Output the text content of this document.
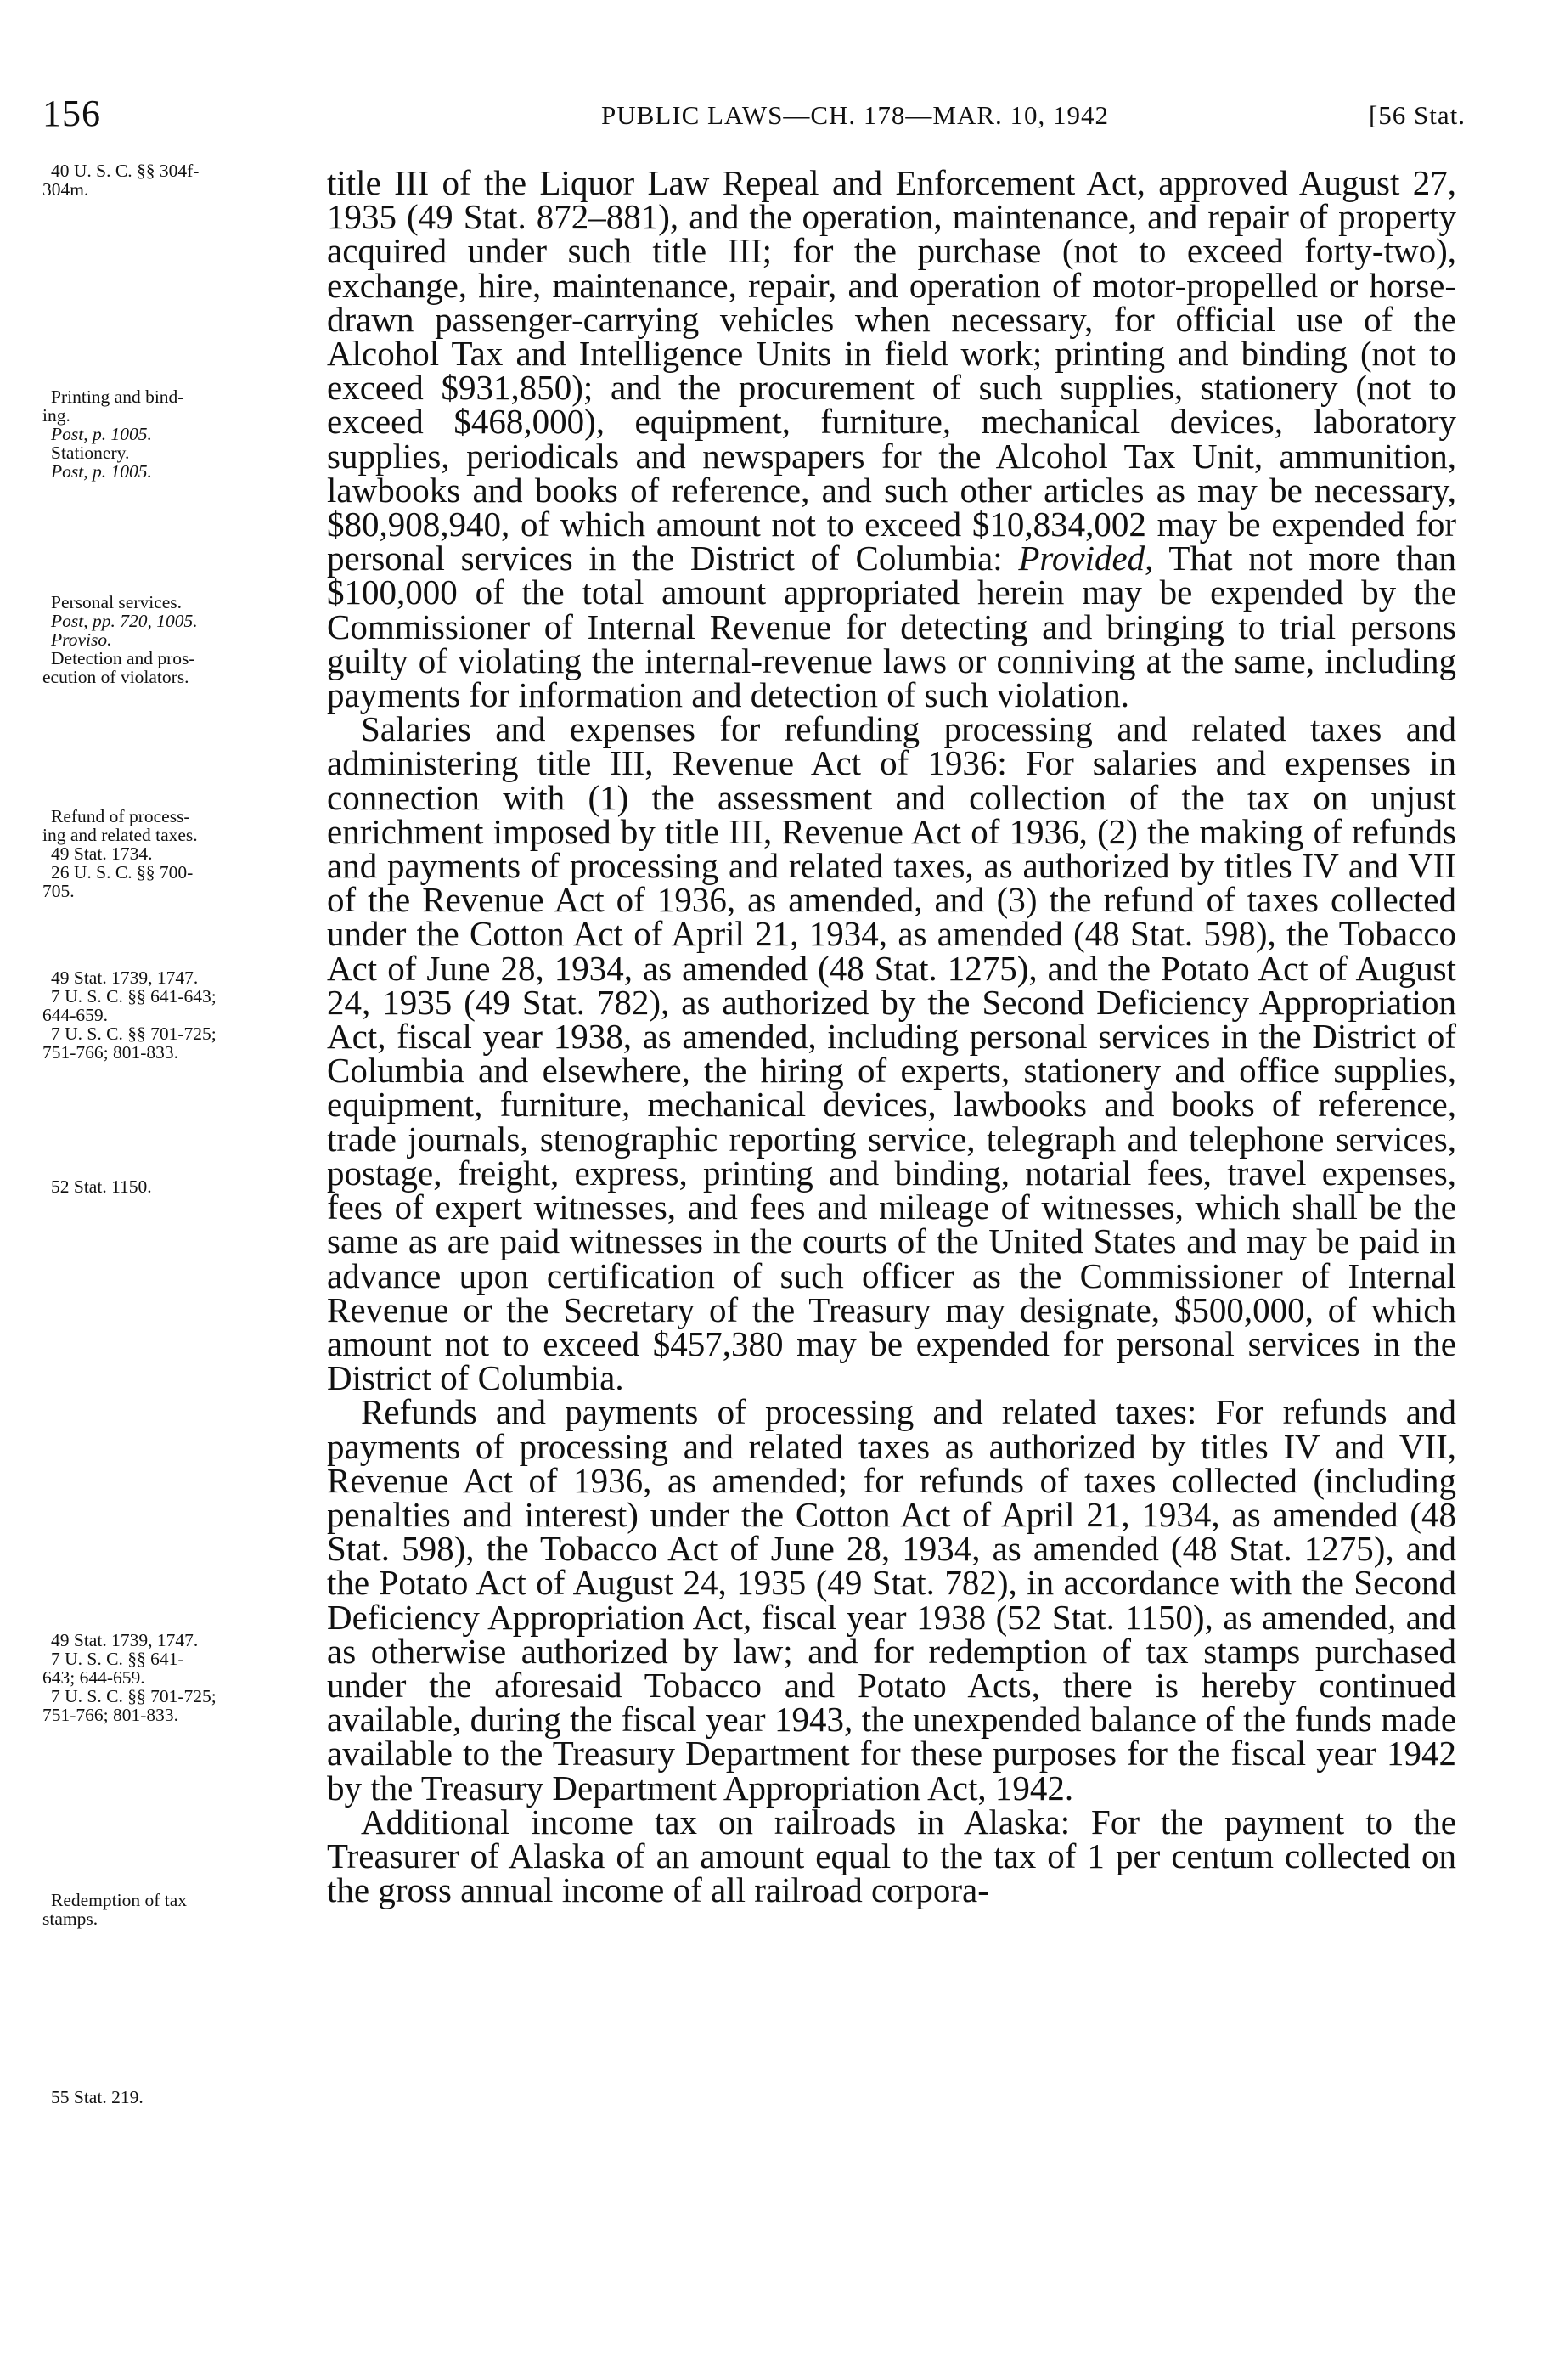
156	PUBLIC LAWS—CH. 178—MAR. 10, 1942	[56 Stat.
40 U. S. C. §§ 304f-
304m.
Printing and bind-
ing.
Post, p. 1005.
Stationery.
Post, p. 1005.
Personal services.
Post, pp. 720, 1005.
Proviso.
Detection and pros-
ecution of violators.
Refund of process-
ing and related taxes.
49 Stat. 1734.
26 U. S. C. §§ 700-
705.
49 Stat. 1739, 1747.
7 U. S. C. §§ 641-643;
644-659.
7 U. S. C. §§ 701-725;
751-766; 801-833.
52 Stat. 1150.
49 Stat. 1739, 1747.
7 U. S. C. §§ 641-
643; 644-659.
7 U. S. C. §§ 701-725;
751-766; 801-833.
Redemption of tax
stamps.
55 Stat. 219.

title III of the Liquor Law Repeal and Enforcement Act, approved August 27, 1935 (49 Stat. 872–881), and the operation, maintenance, and repair of property acquired under such title III; for the purchase (not to exceed forty-two), exchange, hire, maintenance, repair, and operation of motor-propelled or horse-drawn passenger-carrying vehicles when necessary, for official use of the Alcohol Tax and Intelligence Units in field work; printing and binding (not to exceed $931,850); and the procurement of such supplies, stationery (not to exceed $468,000), equipment, furniture, mechanical devices, laboratory supplies, periodicals and newspapers for the Alcohol Tax Unit, ammunition, lawbooks and books of reference, and such other articles as may be necessary, $80,908,940, of which amount not to exceed $10,834,002 may be expended for personal services in the District of Columbia: Provided, That not more than $100,000 of the total amount appropriated herein may be expended by the Commissioner of Internal Revenue for detecting and bringing to trial persons guilty of violating the internal-revenue laws or conniving at the same, including payments for information and detection of such violation.

Salaries and expenses for refunding processing and related taxes and administering title III, Revenue Act of 1936: For salaries and expenses in connection with (1) the assessment and collection of the tax on unjust enrichment imposed by title III, Revenue Act of 1936, (2) the making of refunds and payments of processing and related taxes, as authorized by titles IV and VII of the Revenue Act of 1936, as amended, and (3) the refund of taxes collected under the Cotton Act of April 21, 1934, as amended (48 Stat. 598), the Tobacco Act of June 28, 1934, as amended (48 Stat. 1275), and the Potato Act of August 24, 1935 (49 Stat. 782), as authorized by the Second Deficiency Appropriation Act, fiscal year 1938, as amended, including personal services in the District of Columbia and elsewhere, the hiring of experts, stationery and office supplies, equipment, furniture, mechanical devices, lawbooks and books of reference, trade journals, stenographic reporting service, telegraph and telephone services, postage, freight, express, printing and binding, notarial fees, travel expenses, fees of expert witnesses, and fees and mileage of witnesses, which shall be the same as are paid witnesses in the courts of the United States and may be paid in advance upon certification of such officer as the Commissioner of Internal Revenue or the Secretary of the Treasury may designate, $500,000, of which amount not to exceed $457,380 may be expended for personal services in the District of Columbia.

Refunds and payments of processing and related taxes: For refunds and payments of processing and related taxes as authorized by titles IV and VII, Revenue Act of 1936, as amended; for refunds of taxes collected (including penalties and interest) under the Cotton Act of April 21, 1934, as amended (48 Stat. 598), the Tobacco Act of June 28, 1934, as amended (48 Stat. 1275), and the Potato Act of August 24, 1935 (49 Stat. 782), in accordance with the Second Deficiency Appropriation Act, fiscal year 1938 (52 Stat. 1150), as amended, and as otherwise authorized by law; and for redemption of tax stamps purchased under the aforesaid Tobacco and Potato Acts, there is hereby continued available, during the fiscal year 1943, the unexpended balance of the funds made available to the Treasury Department for these purposes for the fiscal year 1942 by the Treasury Department Appropriation Act, 1942.

Additional income tax on railroads in Alaska: For the payment to the Treasurer of Alaska of an amount equal to the tax of 1 per centum collected on the gross annual income of all railroad corpora-
